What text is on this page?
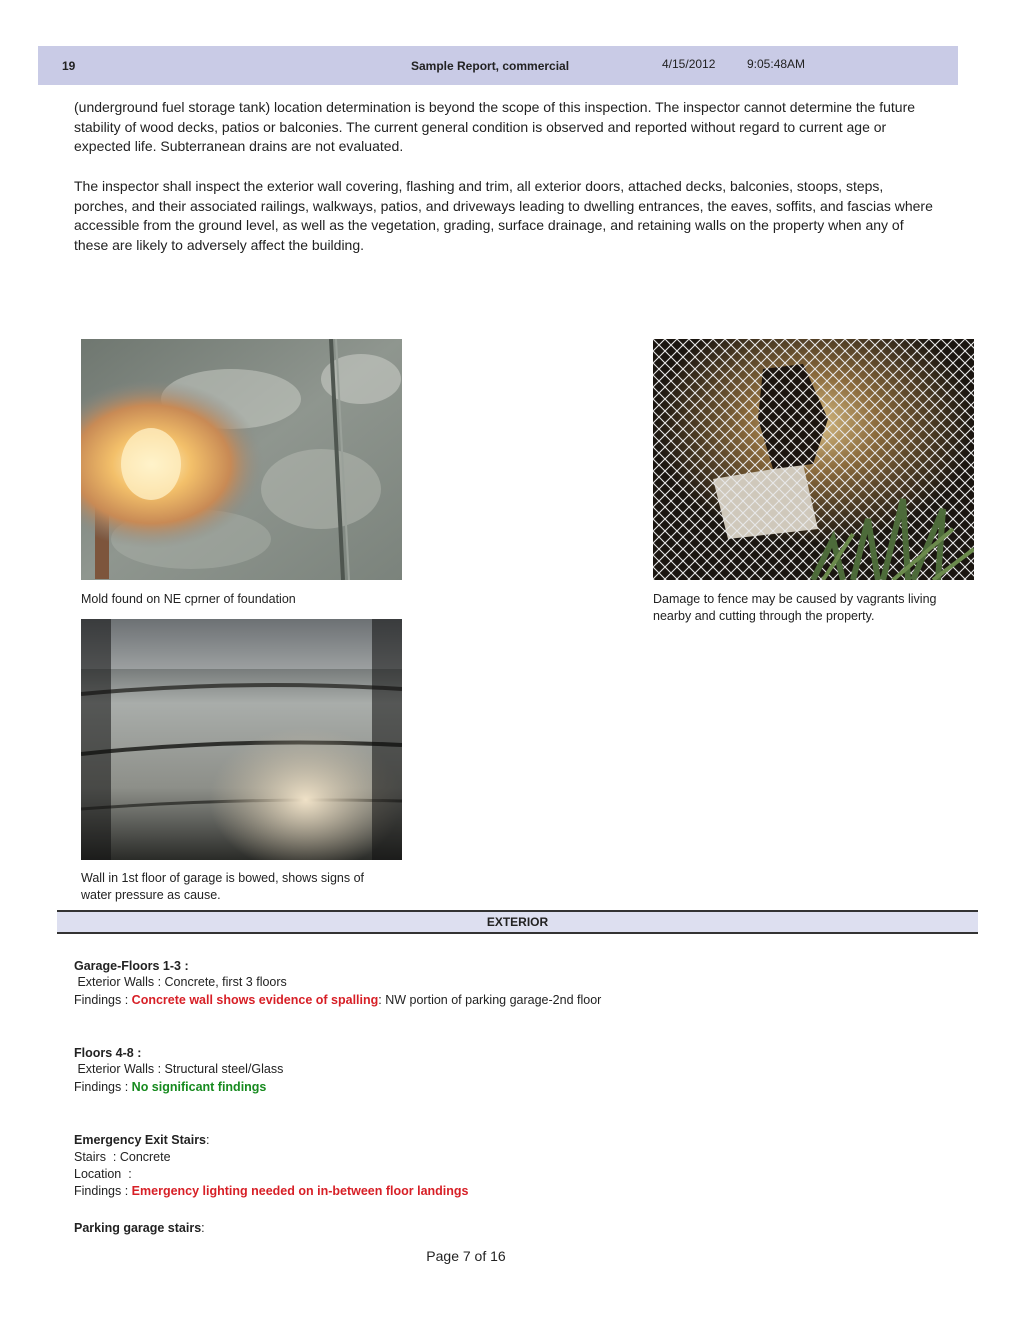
19	Sample Report, commercial	4/15/2012	9:05:48AM

(underground fuel storage tank) location determination is beyond the scope of this inspection. The inspector cannot determine the future stability of wood decks, patios or balconies. The current general condition is observed and reported without regard to current age or expected life. Subterranean drains are not evaluated.

The inspector shall inspect the exterior wall covering, flashing and trim, all exterior doors, attached decks, balconies, stoops, steps, porches, and their associated railings, walkways, patios, and driveways leading to dwelling entrances, the eaves, soffits, and fascias where accessible from the ground level, as well as the vegetation, grading, surface drainage, and retaining walls on the property when any of these are likely to adversely affect the building.

Mold found on NE cprner of foundation	Damage to fence may be caused by vagrants living nearby and cutting through the property.
Wall in 1st floor of garage is bowed, shows signs of water pressure as cause.
EXTERIOR
Garage-Floors 1-3 :
Exterior Walls : Concrete, first 3 floors
Findings : Concrete wall shows evidence of spalling: NW portion of parking garage-2nd floor
Floors 4-8 :
Exterior Walls : Structural steel/Glass
Findings : No significant findings
Emergency Exit Stairs:
Stairs  : Concrete
Location  :
Findings : Emergency lighting needed on in-between floor landings
Parking garage stairs:
Page 7 of 16
